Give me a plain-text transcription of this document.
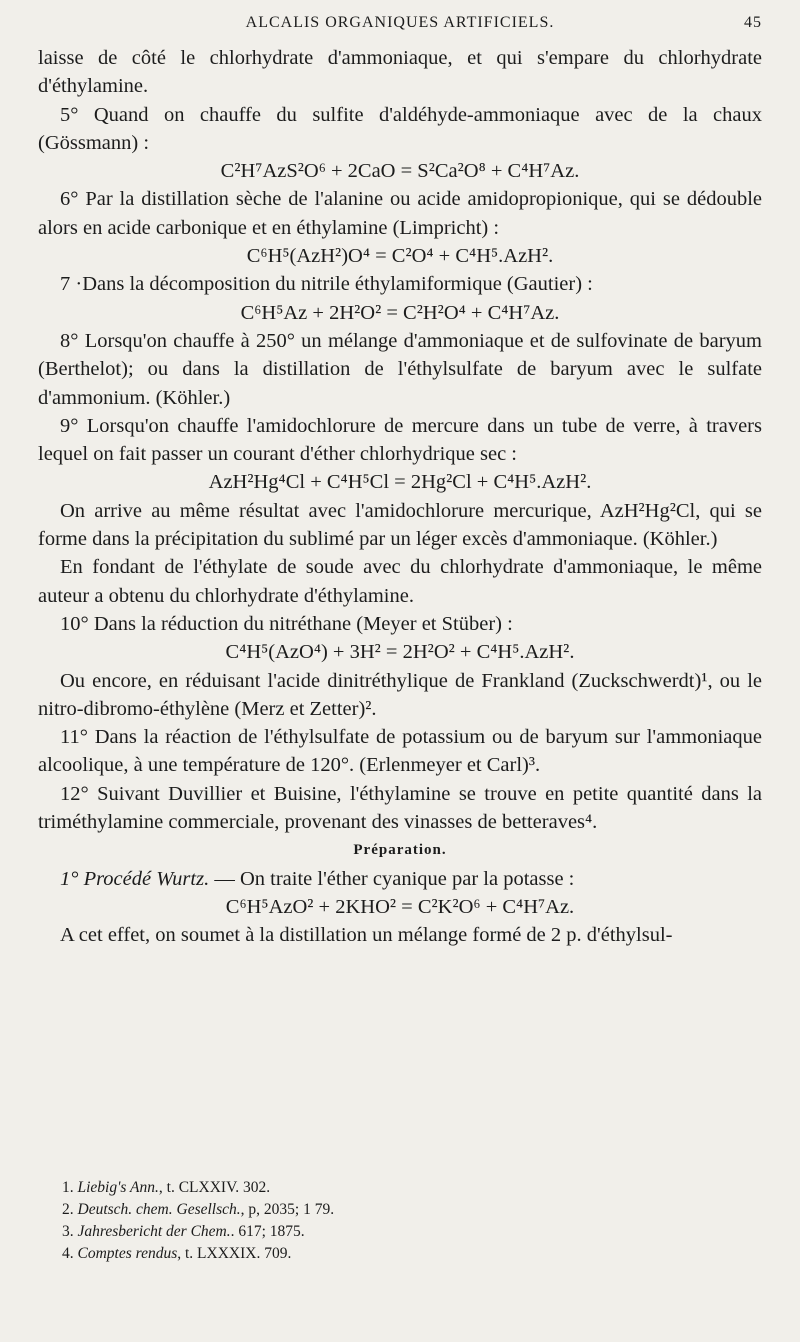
ALCALIS ORGANIQUES ARTIFICIELS.	45

laisse de côté le chlorhydrate d'ammoniaque, et qui s'empare du chlorhydrate d'éthylamine.

5° Quand on chauffe du sulfite d'aldéhyde-ammoniaque avec de la chaux (Gössmann) :

C²H⁷AzS²O⁶ + 2CaO = S²Ca²O⁸ + C⁴H⁷Az.

6° Par la distillation sèche de l'alanine ou acide amidopropionique, qui se dédouble alors en acide carbonique et en éthylamine (Limpricht) :

C⁶H⁵(AzH²)O⁴ = C²O⁴ + C⁴H⁵.AzH².

7 ·Dans la décomposition du nitrile éthylamiformique (Gautier) :

C⁶H⁵Az + 2H²O² = C²H²O⁴ + C⁴H⁷Az.

8° Lorsqu'on chauffe à 250° un mélange d'ammoniaque et de sulfovinate de baryum (Berthelot); ou dans la distillation de l'éthylsulfate de baryum avec le sulfate d'ammonium. (Köhler.)

9° Lorsqu'on chauffe l'amidochlorure de mercure dans un tube de verre, à travers lequel on fait passer un courant d'éther chlorhydrique sec :

AzH²Hg⁴Cl + C⁴H⁵Cl = 2Hg²Cl + C⁴H⁵.AzH².

On arrive au même résultat avec l'amidochlorure mercurique, AzH²Hg²Cl, qui se forme dans la précipitation du sublimé par un léger excès d'ammoniaque. (Köhler.)

En fondant de l'éthylate de soude avec du chlorhydrate d'ammoniaque, le même auteur a obtenu du chlorhydrate d'éthylamine.

10° Dans la réduction du nitréthane (Meyer et Stüber) :

C⁴H⁵(AzO⁴) + 3H² = 2H²O² + C⁴H⁵.AzH².

Ou encore, en réduisant l'acide dinitréthylique de Frankland (Zuckschwerdt)¹, ou le nitro-dibromo-éthylène (Merz et Zetter)².

11° Dans la réaction de l'éthylsulfate de potassium ou de baryum sur l'ammoniaque alcoolique, à une température de 120°. (Erlenmeyer et Carl)³.

12° Suivant Duvillier et Buisine, l'éthylamine se trouve en petite quantité dans la triméthylamine commerciale, provenant des vinasses de betteraves⁴.

Préparation.

1° Procédé Wurtz. — On traite l'éther cyanique par la potasse :

C⁶H⁵AzO² + 2KHO² = C²K²O⁶ + C⁴H⁷Az.

A cet effet, on soumet à la distillation un mélange formé de 2 p. d'éthylsul-

1. Liebig's Ann., t. CLXXIV. 302.
2. Deutsch. chem. Gesellsch., p, 2035; 1 79.
3. Jahresbericht der Chem.. 617; 1875.
4. Comptes rendus, t. LXXXIX. 709.
